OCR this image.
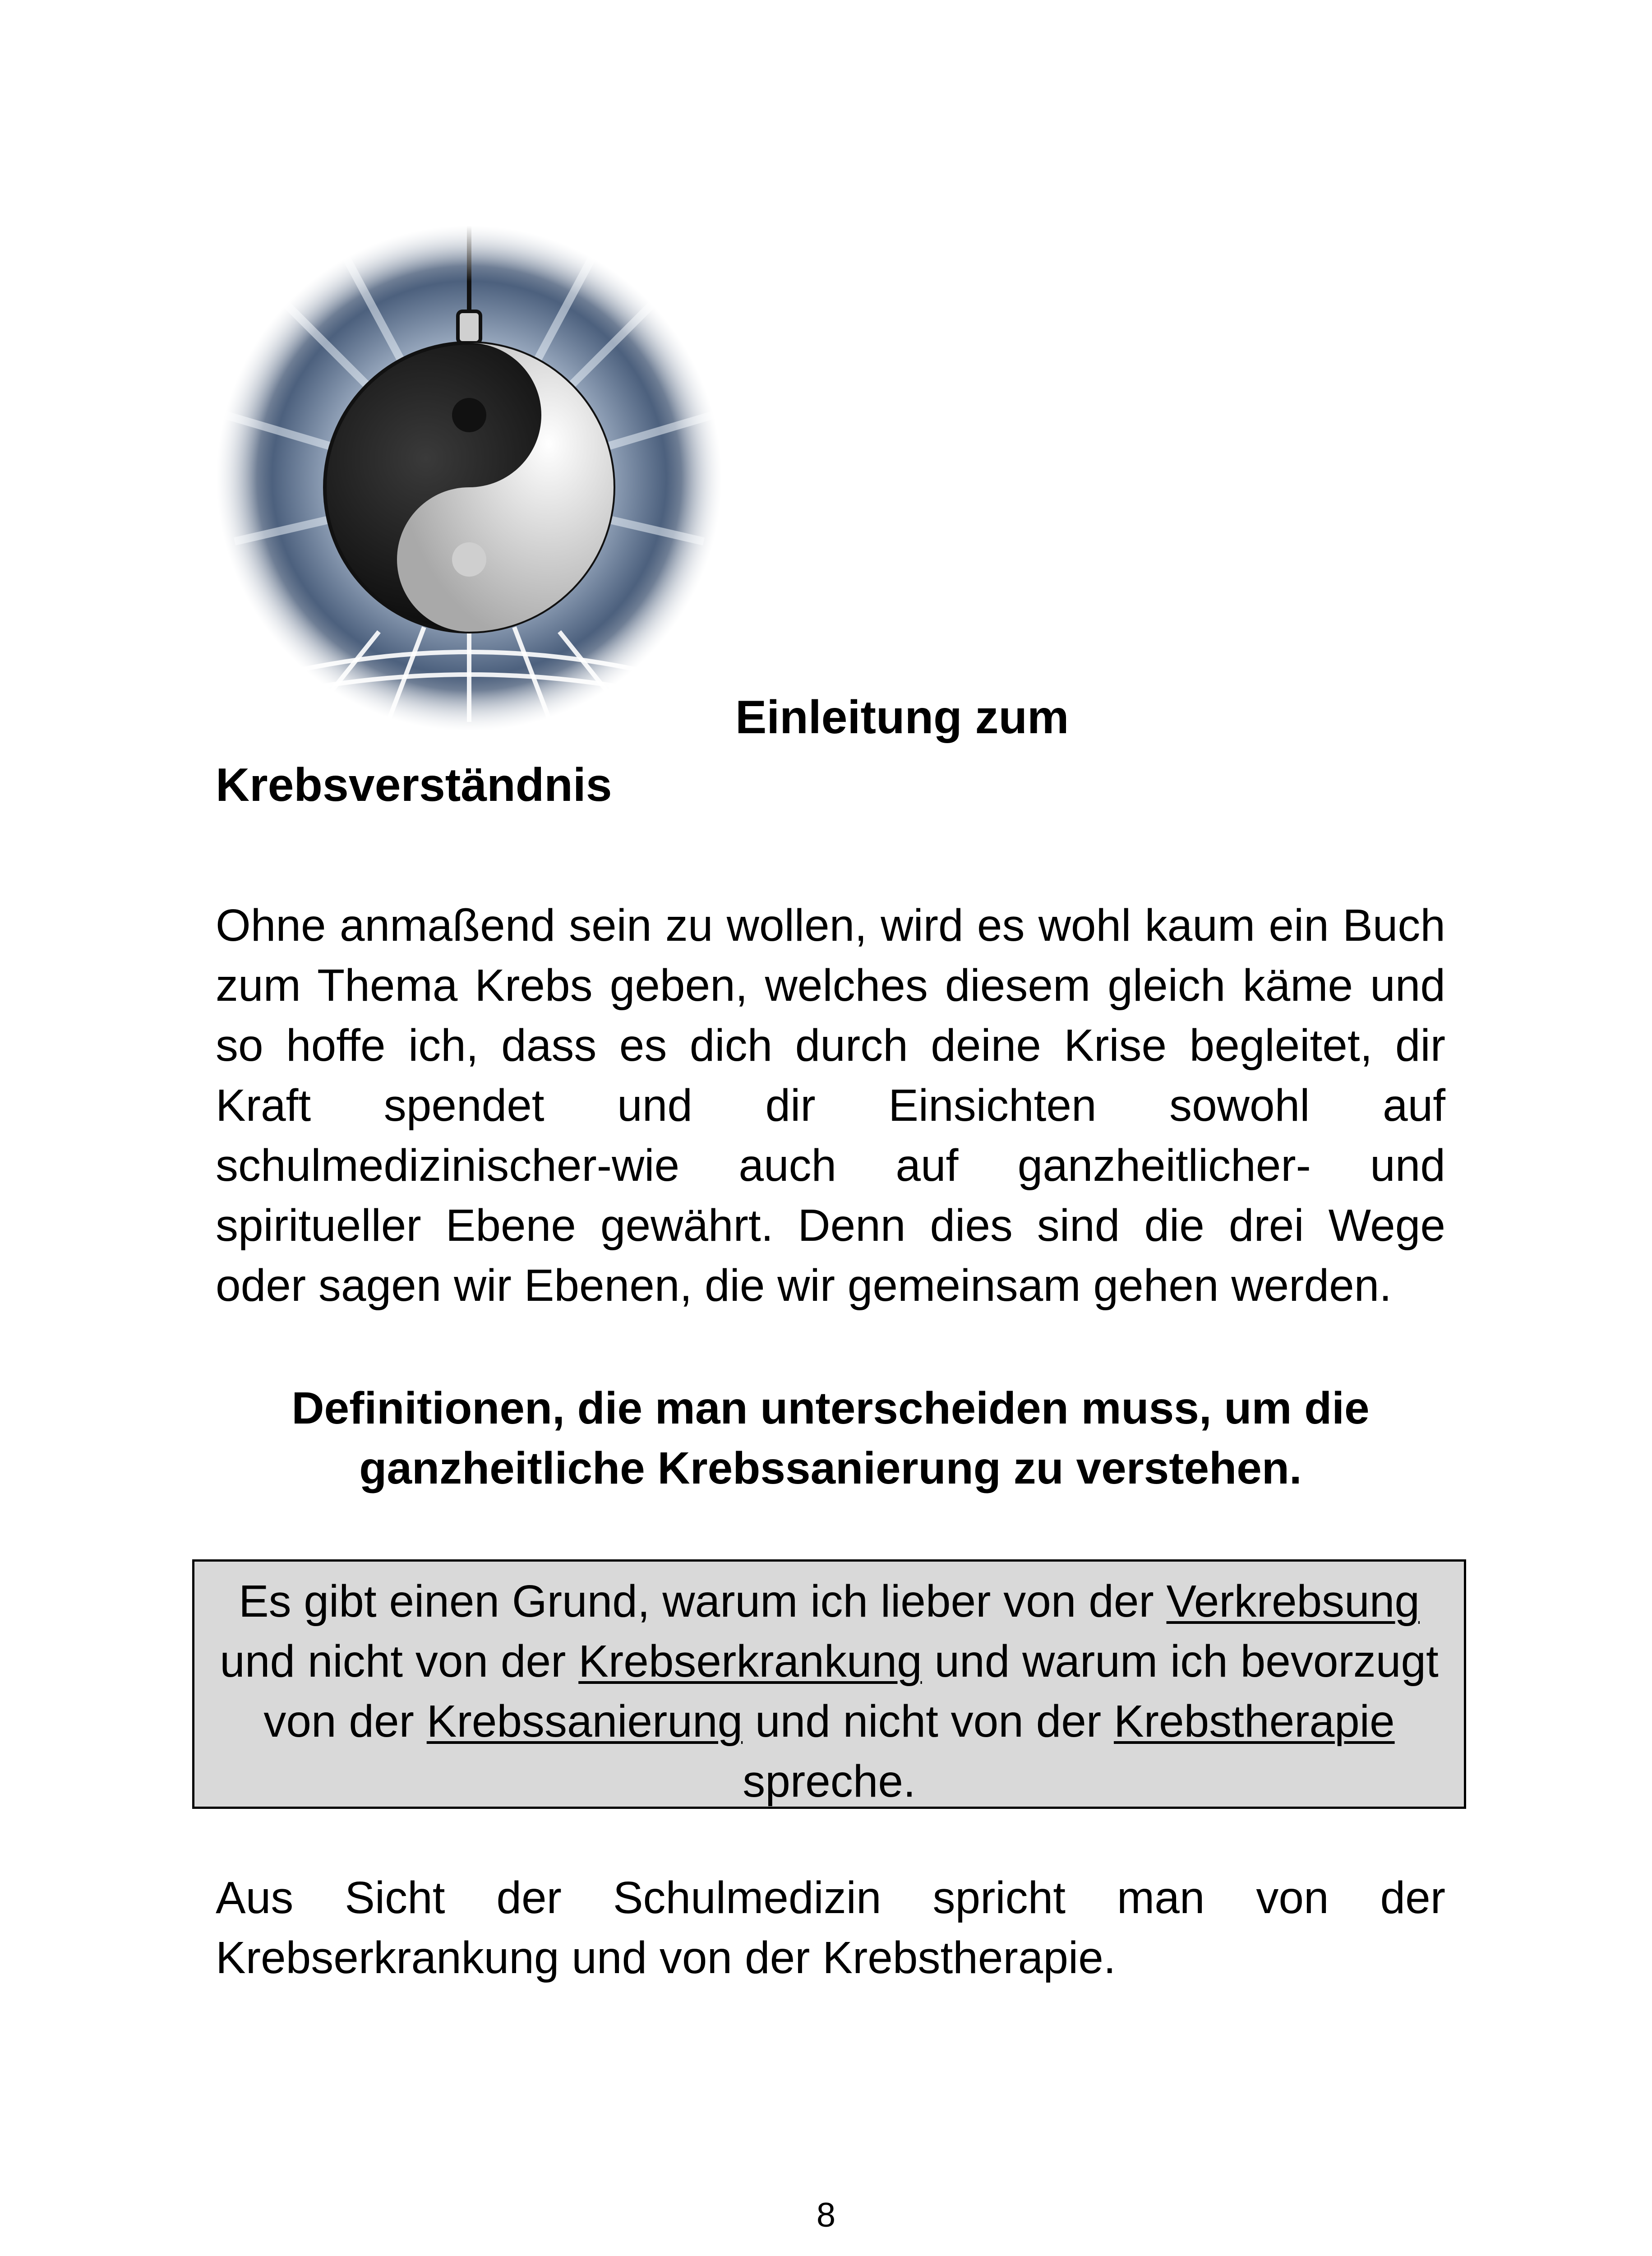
Einleitung zum
Krebsverständnis

Ohne anmaßend sein zu wollen, wird es wohl kaum ein Buch zum Thema Krebs geben, welches diesem gleich käme und so hoffe ich, dass es dich durch deine Krise begleitet, dir Kraft spendet und dir Einsichten sowohl auf schulmedizinischer-wie auch auf ganzheitlicher- und spiritueller Ebene gewährt. Denn dies sind die drei Wege oder sagen wir Ebenen, die wir gemeinsam gehen werden.

Definitionen, die man unterscheiden muss, um die
ganzheitliche Krebssanierung zu verstehen.

Es gibt einen Grund, warum ich lieber von der Verkrebsung und nicht von der Krebserkrankung und warum ich bevorzugt von der Krebssanierung und nicht von der Krebstherapie spreche.

Aus Sicht der Schulmedizin spricht man von der Krebserkrankung und von der Krebstherapie.

8
